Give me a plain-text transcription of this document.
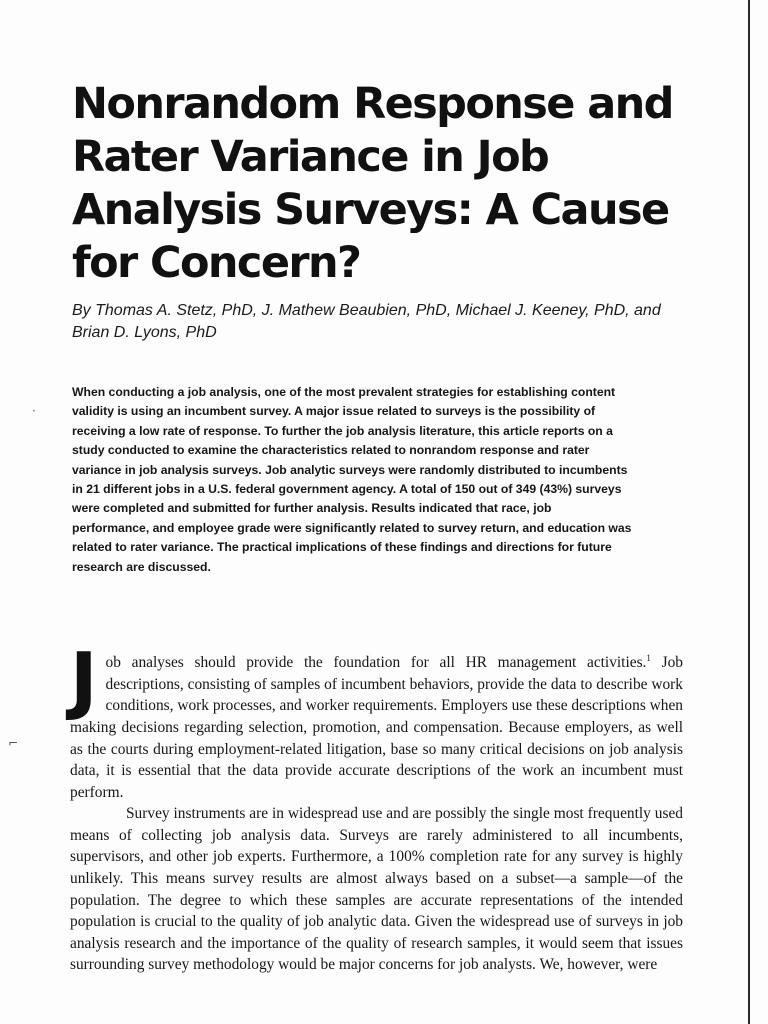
Nonrandom Response and Rater Variance in Job Analysis Surveys: A Cause for Concern?

By Thomas A. Stetz, PhD, J. Mathew Beaubien, PhD, Michael J. Keeney, PhD, and Brian D. Lyons, PhD

When conducting a job analysis, one of the most prevalent strategies for establishing content validity is using an incumbent survey. A major issue related to surveys is the possibility of receiving a low rate of response. To further the job analysis literature, this article reports on a study conducted to examine the characteristics related to nonrandom response and rater variance in job analysis surveys. Job analytic surveys were randomly distributed to incumbents in 21 different jobs in a U.S. federal government agency. A total of 150 out of 349 (43%) surveys were completed and submitted for further analysis. Results indicated that race, job performance, and employee grade were significantly related to survey return, and education was related to rater variance. The practical implications of these findings and directions for future research are discussed.

Job analyses should provide the foundation for all HR management activities.$^1$ Job descriptions, consisting of samples of incumbent behaviors, provide the data to describe work conditions, work processes, and worker requirements. Employers use these descriptions when making decisions regarding selection, promotion, and compensation. Because employers, as well as the courts during employment-related litigation, base so many critical decisions on job analysis data, it is essential that the data provide accurate descriptions of the work an incumbent must perform.

Survey instruments are in widespread use and are possibly the single most frequently used means of collecting job analysis data. Surveys are rarely administered to all incumbents, supervisors, and other job experts. Furthermore, a 100% completion rate for any survey is highly unlikely. This means survey results are almost always based on a subset—a sample—of the population. The degree to which these samples are accurate representations of the intended population is crucial to the quality of job analytic data. Given the widespread use of surveys in job analysis research and the importance of the quality of research samples, it would seem that issues surrounding survey methodology would be major concerns for job analysts. We, however, were

·
⌐
